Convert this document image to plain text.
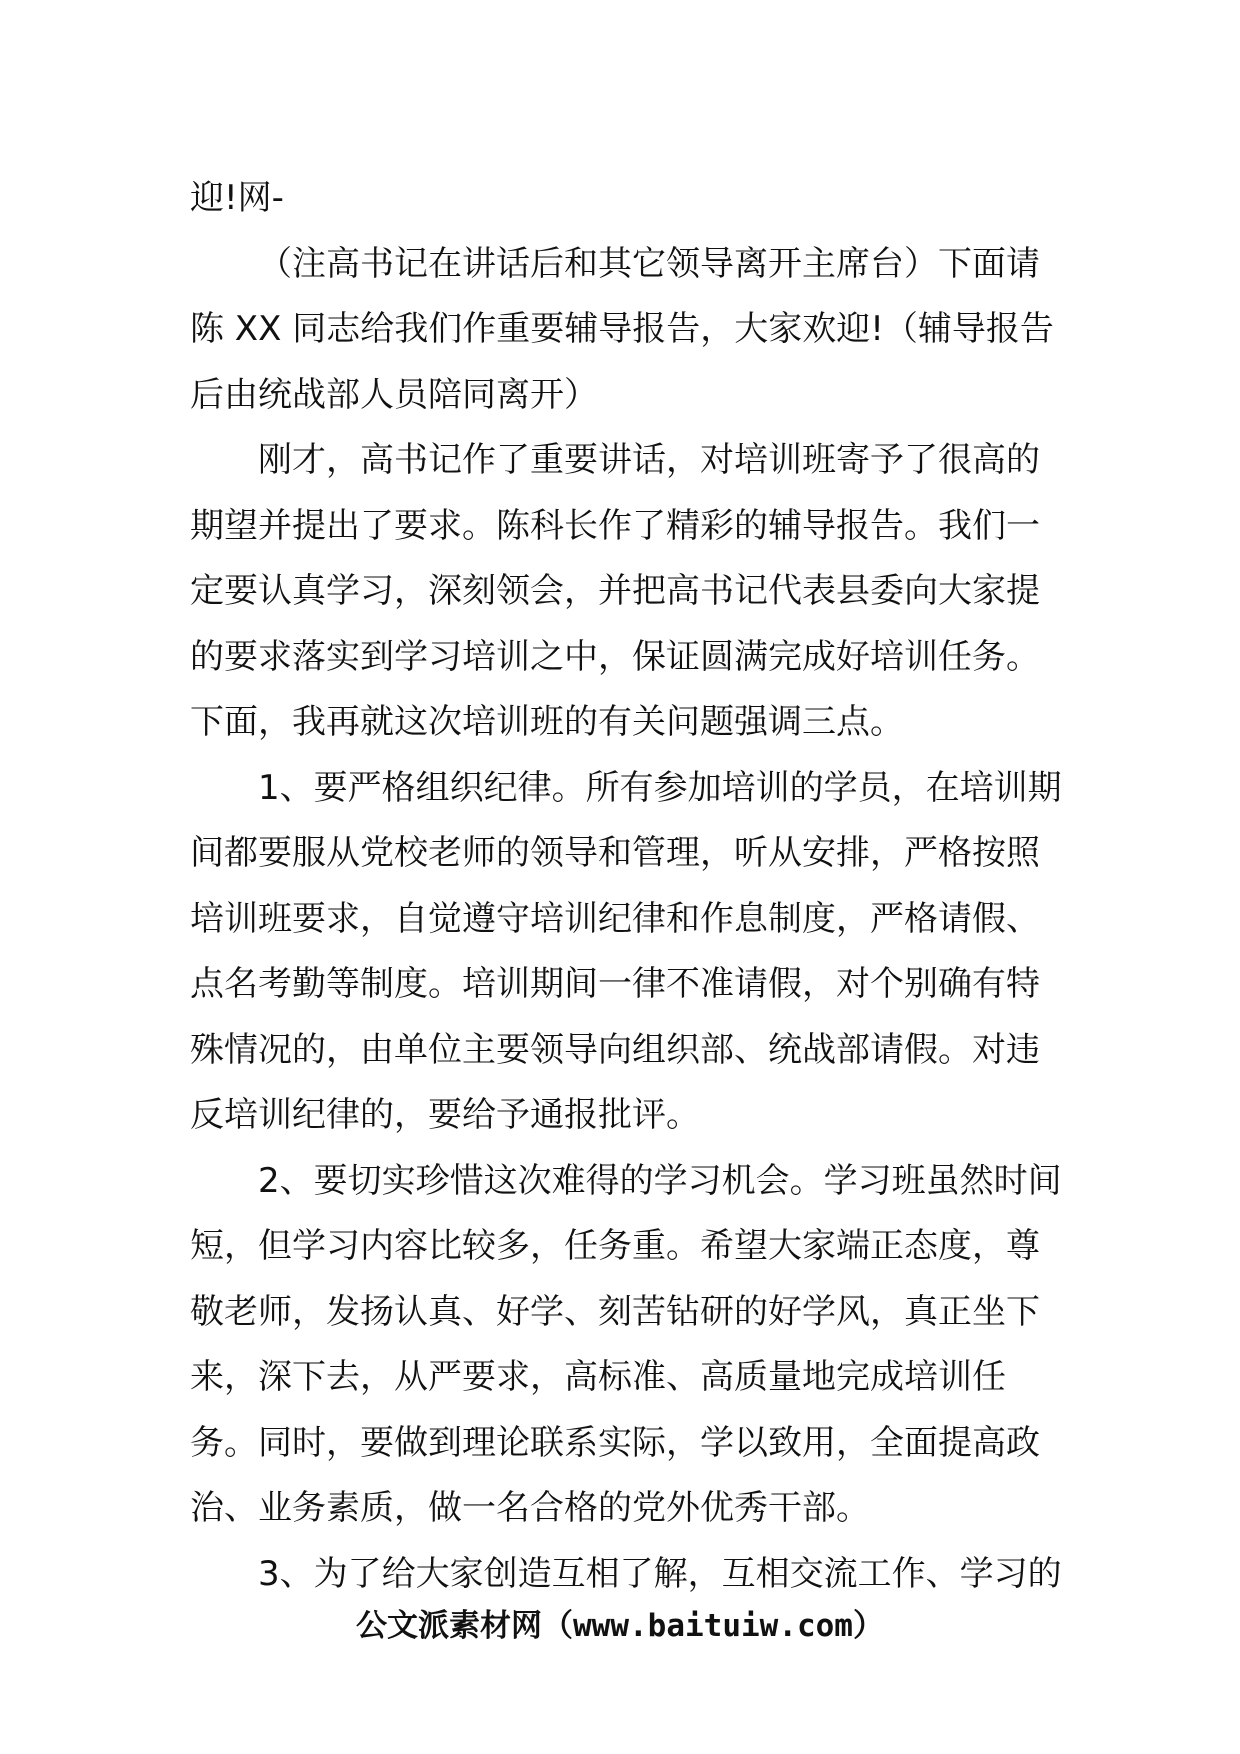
迎!网-
（注高书记在讲话后和其它领导离开主席台）下面请
陈 XX 同志给我们作重要辅导报告，大家欢迎!（辅导报告
后由统战部人员陪同离开）
刚才，高书记作了重要讲话，对培训班寄予了很高的
期望并提出了要求。陈科长作了精彩的辅导报告。我们一
定要认真学习，深刻领会，并把高书记代表县委向大家提
的要求落实到学习培训之中，保证圆满完成好培训任务。
下面，我再就这次培训班的有关问题强调三点。
1、要严格组织纪律。所有参加培训的学员，在培训期
间都要服从党校老师的领导和管理，听从安排，严格按照
培训班要求，自觉遵守培训纪律和作息制度，严格请假、
点名考勤等制度。培训期间一律不准请假，对个别确有特
殊情况的，由单位主要领导向组织部、统战部请假。对违
反培训纪律的，要给予通报批评。
2、要切实珍惜这次难得的学习机会。学习班虽然时间
短，但学习内容比较多，任务重。希望大家端正态度，尊
敬老师，发扬认真、好学、刻苦钻研的好学风，真正坐下
来，深下去，从严要求，高标准、高质量地完成培训任
务。同时，要做到理论联系实际，学以致用，全面提高政
治、业务素质，做一名合格的党外优秀干部。
3、为了给大家创造互相了解，互相交流工作、学习的
公文派素材网（www.baituiw.com）
